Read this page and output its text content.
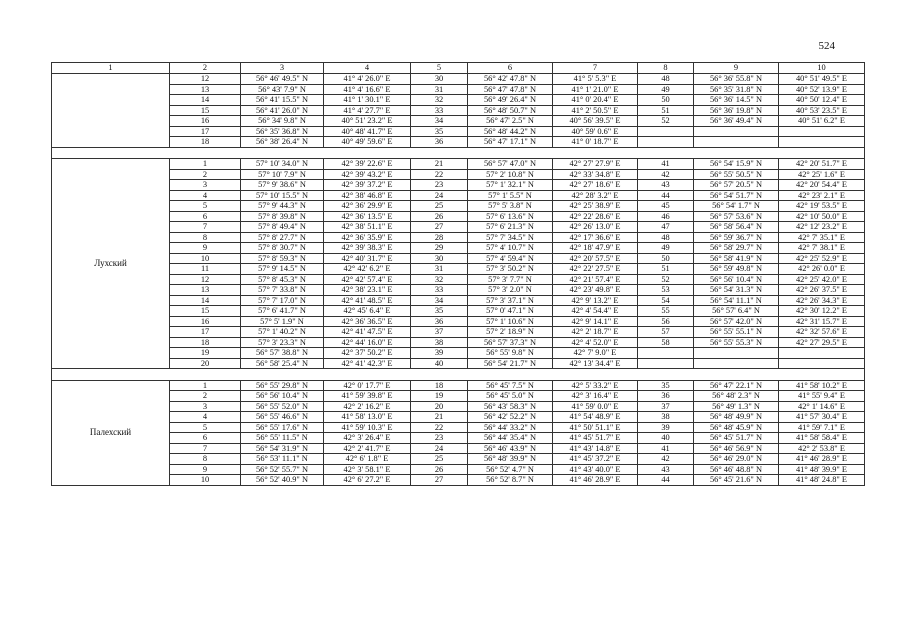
524
1	2	3	4	5	6	7	8	9	10
	12	56° 46' 49.5" N	41° 4' 26.0" E	30	56° 42' 47.8" N	41° 5' 5.3" E	48	56° 36' 55.8" N	40° 51' 49.5" E
	13	56° 43' 7.9" N	41° 4' 16.6" E	31	56° 47' 47.8" N	41° 1' 21.0" E	49	56° 35' 31.8" N	40° 52' 13.9" E
	14	56° 41' 15.5" N	41° 1' 30.1" E	32	56° 49' 26.4" N	41° 0' 20.4" E	50	56° 36' 14.5" N	40° 50' 12.4" E
	15	56° 41' 26.0" N	41° 4' 27.7" E	33	56° 48' 50.7" N	41° 2' 50.5" E	51	56° 36' 19.8" N	40° 53' 23.5" E
	16	56° 34' 9.8" N	40° 51' 23.2" E	34	56° 47' 2.5" N	40° 56' 39.5" E	52	56° 36' 49.4" N	40° 51' 6.2" E
	17	56° 35' 36.8" N	40° 48' 41.7" E	35	56° 48' 44.2" N	40° 59' 0.6" E			
	18	56° 38' 26.4" N	40° 49' 59.6" E	36	56° 47' 17.1" N	41° 0' 18.7" E			

Лухский	1	57° 10' 34.0" N	42° 39' 22.6" E	21	56° 57' 47.0" N	42° 27' 27.9" E	41	56° 54' 15.9" N	42° 20' 51.7" E
	2	57° 10' 7.9" N	42° 39' 43.2" E	22	57° 2' 10.8" N	42° 33' 34.8" E	42	56° 55' 50.5" N	42° 25' 1.6" E
	3	57° 9' 38.6" N	42° 39' 37.2" E	23	57° 1' 32.1" N	42° 27' 18.6" E	43	56° 57' 20.5" N	42° 20' 54.4" E
	4	57° 10' 15.5" N	42° 38' 46.8" E	24	57° 1' 5.5" N	42° 28' 3.2" E	44	56° 54' 51.7" N	42° 23' 2.1" E
	5	57° 9' 44.3" N	42° 36' 29.9" E	25	57° 5' 3.8" N	42° 25' 38.9" E	45	56° 54' 1.7" N	42° 19' 53.5" E
	6	57° 8' 39.8" N	42° 36' 13.5" E	26	57° 6' 13.6" N	42° 22' 28.6" E	46	56° 57' 53.6" N	42° 10' 50.0" E
	7	57° 8' 49.4" N	42° 38' 51.1" E	27	57° 6' 21.3" N	42° 26' 13.0" E	47	56° 58' 56.4" N	42° 12' 23.2" E
	8	57° 8' 27.7" N	42° 36' 35.9" E	28	57° 7' 34.5" N	42° 17' 36.6" E	48	56° 59' 36.7" N	42° 7' 35.1" E
	9	57° 8' 30.7" N	42° 39' 38.3" E	29	57° 4' 10.7" N	42° 18' 47.9" E	49	56° 58' 29.7" N	42° 7' 38.1" E
	10	57° 8' 59.3" N	42° 40' 31.7" E	30	57° 4' 59.4" N	42° 20' 57.5" E	50	56° 58' 41.9" N	42° 25' 52.9" E
	11	57° 9' 14.5" N	42° 42' 6.2" E	31	57° 3' 50.2" N	42° 22' 27.5" E	51	56° 59' 49.8" N	42° 26' 0.0" E
	12	57° 8' 45.3" N	42° 42' 57.4" E	32	57° 3' 7.7" N	42° 21' 57.4" E	52	56° 56' 10.4" N	42° 25' 42.0" E
	13	57° 7' 33.8" N	42° 38' 23.1" E	33	57° 3' 2.0" N	42° 23' 49.8" E	53	56° 54' 31.3" N	42° 26' 37.5" E
	14	57° 7' 17.0" N	42° 41' 48.5" E	34	57° 3' 37.1" N	42° 9' 13.2" E	54	56° 54' 11.1" N	42° 26' 34.3" E
	15	57° 6' 41.7" N	42° 45' 6.4" E	35	57° 0' 47.1" N	42° 4' 54.4" E	55	56° 57' 6.4" N	42° 30' 12.2" E
	16	57° 5' 1.9" N	42° 36' 36.5" E	36	57° 1' 10.6" N	42° 9' 14.1" E	56	56° 57' 42.0" N	42° 31' 15.7" E
	17	57° 1' 40.2" N	42° 41' 47.5" E	37	57° 2' 18.9" N	42° 2' 18.7" E	57	56° 55' 55.1" N	42° 32' 57.6" E
	18	57° 3' 23.3" N	42° 44' 16.0" E	38	56° 57' 37.3" N	42° 4' 52.0" E	58	56° 55' 55.3" N	42° 27' 29.5" E
	19	56° 57' 38.8" N	42° 37' 50.2" E	39	56° 55' 9.8" N	42° 7' 9.0" E			
	20	56° 58' 25.4" N	42° 41' 42.3" E	40	56° 54' 21.7" N	42° 13' 34.4" E			

Палехский	1	56° 55' 29.8" N	42° 0' 17.7" E	18	56° 45' 7.5" N	42° 5' 33.2" E	35	56° 47' 22.1" N	41° 58' 10.2" E
	2	56° 56' 10.4" N	41° 59' 39.8" E	19	56° 45' 5.0" N	42° 3' 16.4" E	36	56° 48' 2.3" N	41° 55' 9.4" E
	3	56° 55' 52.0" N	42° 2' 16.2" E	20	56° 43' 58.3" N	41° 59' 0.0" E	37	56° 49' 1.3" N	42° 1' 14.6" E
	4	56° 55' 46.6" N	41° 58' 13.0" E	21	56° 42' 52.2" N	41° 54' 48.9" E	38	56° 48' 49.9" N	41° 57' 30.4" E
	5	56° 55' 17.6" N	41° 59' 10.3" E	22	56° 44' 33.2" N	41° 50' 51.1" E	39	56° 48' 45.9" N	41° 59' 7.1" E
	6	56° 55' 11.5" N	42° 3' 26.4" E	23	56° 44' 35.4" N	41° 45' 51.7" E	40	56° 45' 51.7" N	41° 58' 58.4" E
	7	56° 54' 31.9" N	42° 2' 41.7" E	24	56° 46' 43.9" N	41° 43' 14.8" E	41	56° 46' 56.9" N	42° 2' 53.8" E
	8	56° 53' 11.1" N	42° 6' 1.8" E	25	56° 48' 39.9" N	41° 45' 37.2" E	42	56° 46' 29.0" N	41° 46' 28.9" E
	9	56° 52' 55.7" N	42° 3' 58.1" E	26	56° 52' 4.7" N	41° 43' 40.0" E	43	56° 46' 48.8" N	41° 48' 39.9" E
	10	56° 52' 40.9" N	42° 6' 27.2" E	27	56° 52' 8.7" N	41° 46' 28.9" E	44	56° 45' 21.6" N	41° 48' 24.8" E
